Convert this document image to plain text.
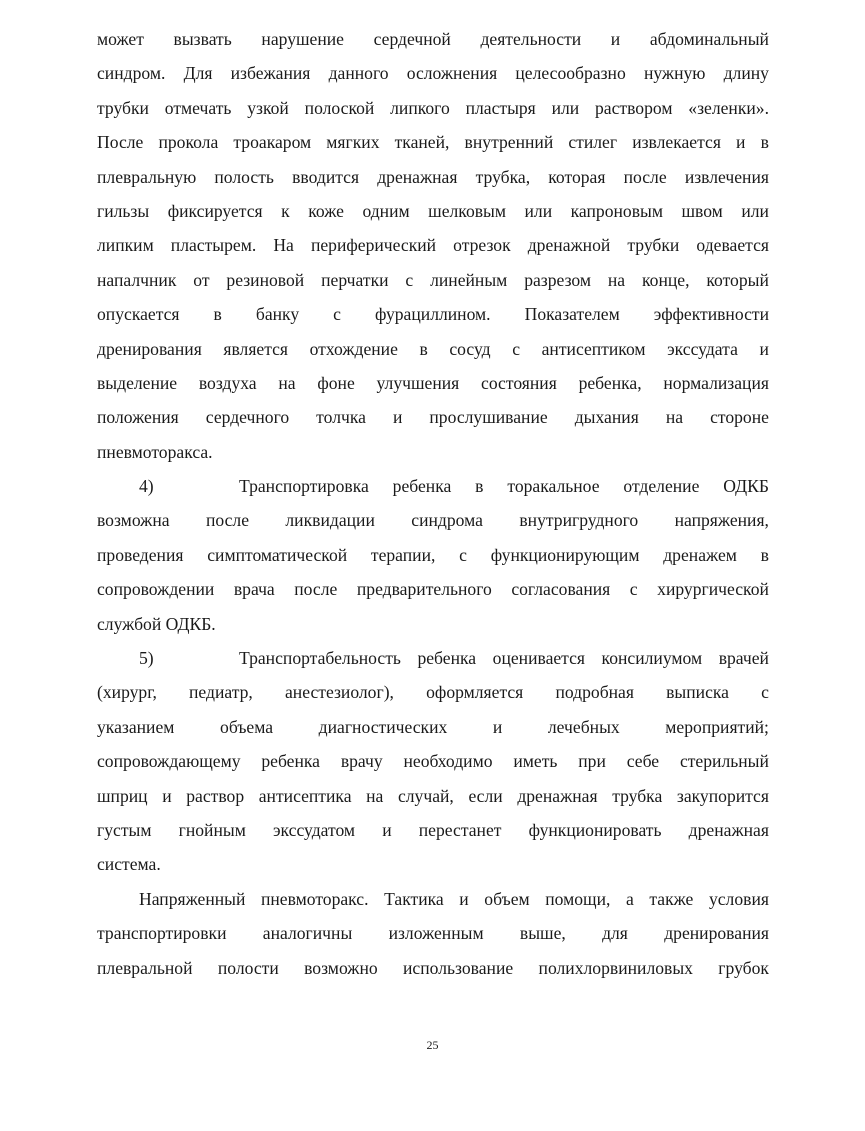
может вызвать нарушение сердечной деятельности и абдоминальный
синдром. Для избежания данного осложнения целесообразно нужную длину
трубки отмечать узкой полоской липкого пластыря или раствором «зеленки».
После прокола троакаром мягких тканей, внутренний стилег извлекается и в
плевральную полость вводится дренажная трубка, которая после извлечения
гильзы фиксируется к коже одним шелковым или капроновым швом или
липким пластырем. На периферический отрезок дренажной трубки одевается
напалчник от резиновой перчатки с линейным разрезом на конце, который
опускается в банку с фурациллином. Показателем эффективности
дренирования является отхождение в сосуд с антисептиком экссудата и
выделение воздуха на фоне улучшения состояния ребенка, нормализация
положения сердечного толчка и прослушивание дыхания на стороне
пневмоторакса.
4)	Транспортировка ребенка в торакальное отделение ОДКБ
возможна после ликвидации синдрома внутригрудного напряжения,
проведения симптоматической терапии, с функционирующим дренажем в
сопровождении врача после предварительного согласования с хирургической
службой ОДКБ.
5)	Транспортабельность ребенка оценивается консилиумом врачей
(хирург, педиатр, анестезиолог), оформляется подробная выписка с
указанием	объема	диагностических	и	лечебных	мероприятий;
сопровождающему ребенка врачу необходимо иметь при себе стерильный
шприц и раствор антисептика на случай, если дренажная трубка закупорится
густым гнойным экссудатом и перестанет функционировать дренажная
система.
Напряженный пневмоторакс. Тактика и объем помощи, а также условия
транспортировки аналогичны изложенным выше, для дренирования
плевральной полости возможно использование полихлорвиниловых грубок
25
